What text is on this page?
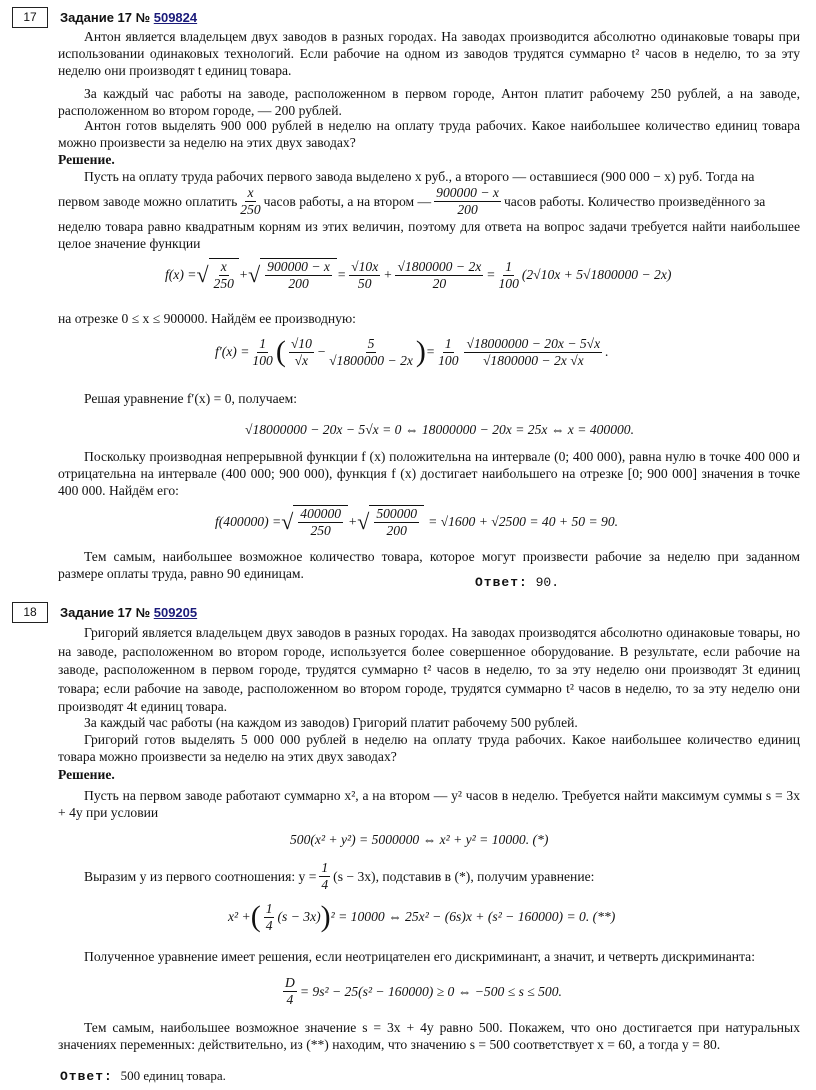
17	Задание 17 № 509824
Антон является владельцем двух заводов в разных городах. На заводах производится абсолютно одинаковые товары при использовании одинаковых технологий. Если рабочие на одном из заводов трудятся суммарно t² часов в неделю, то за эту неделю они производят t единиц товара.
За каждый час работы на заводе, расположенном в первом городе, Антон платит рабочему 250 рублей, а на заводе, расположенном во втором городе, — 200 рублей.
Антон готов выделять 900 000 рублей в неделю на оплату труда рабочих. Какое наибольшее количество единиц товара можно произвести за неделю на этих двух заводах?
Решение.
Пусть на оплату труда рабочих первого завода выделено x руб., а второго — оставшиеся (900 000 − x) руб. Тогда на
первом заводе можно оплатить $\frac{x}{250}$ часов работы, а на втором — $\frac{900000 - x}{200}$ часов работы. Количество произведённого за
неделю товара равно квадратным корням из этих величин, поэтому для ответа на вопрос задачи требуется найти наибольшее целое значение функции
f(x) = √ $\frac{x}{250}$ + √ $\frac{900000 - x}{200} = \frac{√10x}{50} + \frac{√1800000 - 2x}{20} = \frac{1}{100} (2√10x + 5√1800000 - 2x)$
на отрезке 0 ≤ x ≤ 900000. Найдём ее производную:
$f'(x) = \frac{1}{100}$ ( $\frac{√10}{√x} - \frac{5}{√1800000 - 2x}$ ) = $\frac{1}{100} \frac{√18000000 - 20x - 5√x}{√1800000 - 2x √x}$ .
Решая уравнение f′(x) = 0, получаем:
√18000000 − 20x − 5√x = 0 ⇔ 18000000 − 20x = 25x ⇔ x = 400000.
Поскольку производная непрерывной функции f (x) положительна на интервале (0; 400 000), равна нулю в точке 400 000 и отрицательна на интервале (400 000; 900 000), функция f (x) достигает наибольшего на отрезке [0; 900 000] значения в точке 400 000. Найдём его:
f(400000) = √ $\frac{400000}{250}$ + √ $\frac{500000}{200} = √1600 + √2500 = 40 + 50 = 90$.
Тем самым, наибольшее возможное количество товара, которое могут произвести рабочие за неделю при заданном размере оплаты труда, равно 90 единицам.
Ответ: 90.
18	Задание 17 № 509205
Григорий является владельцем двух заводов в разных городах. На заводах производятся абсолютно одинаковые товары, но на заводе, расположенном во втором городе, используется более совершенное оборудование. В результате, если рабочие на заводе, расположенном в первом городе, трудятся суммарно t² часов в неделю, то за эту неделю они производят 3t единиц товара; если рабочие на заводе, расположенном во втором городе, трудятся суммарно t² часов в неделю, то за эту неделю они производят 4t единиц товара.
За каждый час работы (на каждом из заводов) Григорий платит рабочему 500 рублей.
Григорий готов выделять 5 000 000 рублей в неделю на оплату труда рабочих. Какое наибольшее количество единиц товара можно произвести за неделю на этих двух заводах?
Решение.
Пусть на первом заводе работают суммарно x², а на втором — y² часов в неделю. Требуется найти максимум суммы s = 3x + 4y при условии
500(x² + y²) = 5000000 ⇔ x² + y² = 10000. (*)
Выразим y из первого соотношения: $y = \frac{1}{4} (s - 3x)$, подставив в (*), получим уравнение:
x² + ( $\frac{1}{4} (s - 3x)$ ) ² = 10000 ⇔ 25x² − (6s)x + (s² − 160000) = 0. (**)
Полученное уравнение имеет решения, если неотрицателен его дискриминант, а значит, и четверть дискриминанта:
$\frac{D}{4} = 9s^2 - 25(s^2 - 160000) \ge 0$ ⇔ −500 ≤ s ≤ 500.
Тем самым, наибольшее возможное значение s = 3x + 4y равно 500. Покажем, что оно достигается при натуральных значениях переменных: действительно, из (**) находим, что значению s = 500 соответствует x = 60, а тогда y = 80.
Ответ: 500 единиц товара.
